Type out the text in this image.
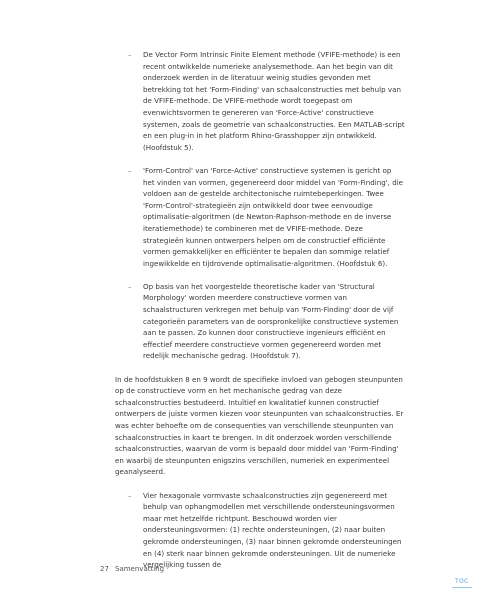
– De Vector Form Intrinsic Finite Element methode (VFIFE-methode) is een recent ontwikkelde numerieke analysemethode. Aan het begin van dit onderzoek werden in de literatuur weinig studies gevonden met betrekking tot het 'Form-Finding' van schaalconstructies met behulp van de VFIFE-methode. De VFIFE-methode wordt toegepast om evenwichtsvormen te genereren van 'Force-Active' constructieve systemen, zoals de geometrie van schaalconstructies. Een MATLAB-script en een plug-in in het platform Rhino-Grasshopper zijn ontwikkeld. (Hoofdstuk 5).

– 'Form-Control' van 'Force-Active' constructieve systemen is gericht op het vinden van vormen, gegenereerd door middel van 'Form-Finding', die voldoen aan de gestelde architectonische ruimtebeperkingen. Twee 'Form-Control'-strategieën zijn ontwikkeld door twee eenvoudige optimalisatie-algoritmen (de Newton-Raphson-methode en de inverse iteratiemethode) te combineren met de VFIFE-methode. Deze strategieën kunnen ontwerpers helpen om de constructief efficiënte vormen gemakkelijker en efficiënter te bepalen dan sommige relatief ingewikkelde en tijdrovende optimalisatie-algoritmen. (Hoofdstuk 6).

– Op basis van het voorgestelde theoretische kader van 'Structural Morphology' worden meerdere constructieve vormen van schaalstructuren verkregen met behulp van 'Form-Finding' door de vijf categorieën parameters van de oorspronkelijke constructieve systemen aan te passen. Zo kunnen door constructieve ingenieurs efficiënt en effectief meerdere constructieve vormen gegenereerd worden met redelijk mechanische gedrag. (Hoofdstuk 7).

In de hoofdstukken 8 en 9 wordt de specifieke invloed van gebogen steunpunten op de constructieve vorm en het mechanische gedrag van deze schaalconstructies bestudeerd. Intuïtief en kwalitatief kunnen constructief ontwerpers de juiste vormen kiezen voor steunpunten van schaalconstructies. Er was echter behoefte om de consequenties van verschillende steunpunten van schaalconstructies in kaart te brengen. In dit onderzoek worden verschillende schaalconstructies, waarvan de vorm is bepaald door middel van 'Form-Finding' en waarbij de steunpunten enigszins verschillen, numeriek en experimenteel geanalyseerd.

– Vier hexagonale vormvaste schaalconstructies zijn gegenereerd met behulp van ophangmodellen met verschillende ondersteuningsvormen maar met hetzelfde richtpunt. Beschouwd worden vier ondersteuningsvormen: (1) rechte ondersteuningen, (2) naar buiten gekromde ondersteuningen, (3) naar binnen gekromde ondersteuningen en (4) sterk naar binnen gekromde ondersteuningen. Uit de numerieke vergelijking tussen de

27 Samenvatting
TOC
